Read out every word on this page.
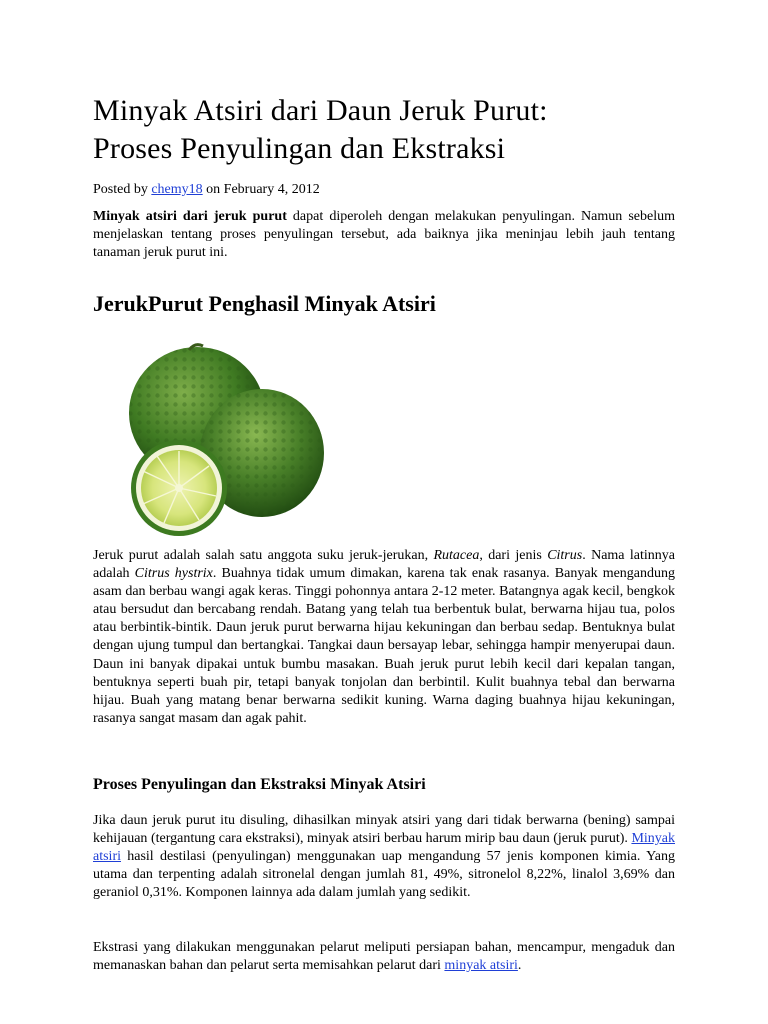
Minyak Atsiri dari Daun Jeruk Purut:
Proses Penyulingan dan Ekstraksi
Posted by chemy18 on February 4, 2012

Minyak atsiri dari jeruk purut dapat diperoleh dengan melakukan penyulingan. Namun sebelum menjelaskan tentang proses penyulingan tersebut, ada baiknya jika meninjau lebih jauh tentang tanaman jeruk purut ini.

JerukPurut Penghasil Minyak Atsiri

Jeruk purut adalah salah satu anggota suku jeruk-jerukan, Rutacea, dari jenis Citrus. Nama latinnya adalah Citrus hystrix. Buahnya tidak umum dimakan, karena tak enak rasanya. Banyak mengandung asam dan berbau wangi agak keras. Tinggi pohonnya antara 2-12 meter. Batangnya agak kecil, bengkok atau bersudut dan bercabang rendah. Batang yang telah tua berbentuk bulat, berwarna hijau tua, polos atau berbintik-bintik. Daun jeruk purut berwarna hijau kekuningan dan berbau sedap. Bentuknya bulat dengan ujung tumpul dan bertangkai. Tangkai daun bersayap lebar, sehingga hampir menyerupai daun. Daun ini banyak dipakai untuk bumbu masakan. Buah jeruk purut lebih kecil dari kepalan tangan, bentuknya seperti buah pir, tetapi banyak tonjolan dan berbintil. Kulit buahnya tebal dan berwarna hijau. Buah yang matang benar berwarna sedikit kuning. Warna daging buahnya hijau kekuningan, rasanya sangat masam dan agak pahit.

Proses Penyulingan dan Ekstraksi Minyak Atsiri

Jika daun jeruk purut itu disuling, dihasilkan minyak atsiri yang dari tidak berwarna (bening) sampai kehijauan (tergantung cara ekstraksi), minyak atsiri berbau harum mirip bau daun (jeruk purut). Minyak atsiri hasil destilasi (penyulingan) menggunakan uap mengandung 57 jenis komponen kimia. Yang utama dan terpenting adalah sitronelal dengan jumlah 81, 49%, sitronelol 8,22%, linalol 3,69% dan geraniol 0,31%. Komponen lainnya ada dalam jumlah yang sedikit.

Ekstrasi yang dilakukan menggunakan pelarut meliputi persiapan bahan, mencampur, mengaduk dan memanaskan bahan dan pelarut serta memisahkan pelarut dari minyak atsiri.
